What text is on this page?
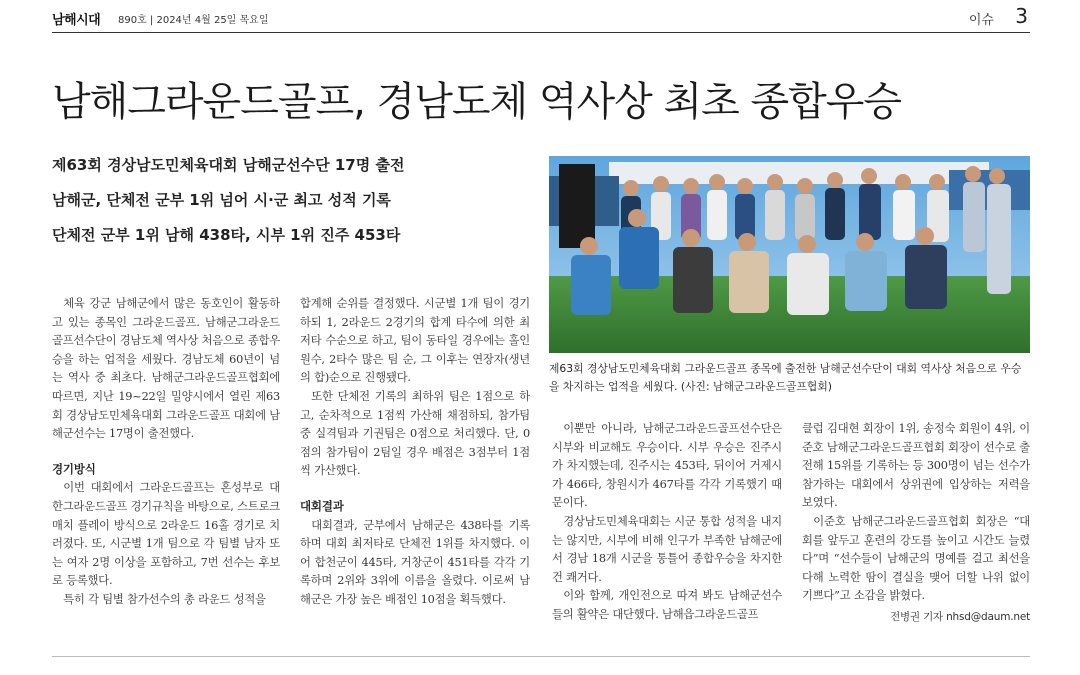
남해시대 890호 | 2024년 4월 25일 목요일	이슈 3
남해그라운드골프, 경남도체 역사상 최초 종합우승
제63회 경상남도민체육대회 남해군선수단 17명 출전
남해군, 단체전 군부 1위 넘어 시·군 최고 성적 기록
단체전 군부 1위 남해 438타, 시부 1위 진주 453타

체육 강군 남해군에서 많은 동호인이 활동하고 있는 종목인 그라운드골프. 남해군그라운드골프선수단이 경남도체 역사상 처음으로 종합우승을 하는 업적을 세웠다. 경남도체 60년이 넘는 역사 중 최초다. 남해군그라운드골프협회에 따르면, 지난 19~22일 밀양시에서 열린 제63회 경상남도민체육대회 그라운드골프 대회에 남해군선수는 17명이 출전했다.

경기방식

이번 대회에서 그라운드골프는 혼성부로 대한그라운드골프 경기규칙을 바탕으로, 스트로크 매치 플레이 방식으로 2라운드 16홀 경기로 치러졌다. 또, 시군별 1개 팀으로 각 팀별 남자 또는 여자 2명 이상을 포함하고, 7번 선수는 후보로 등록했다.

특히 각 팀별 참가선수의 총 라운드 성적을

합계해 순위를 결정했다. 시군별 1개 팀이 경기하되 1, 2라운드 2경기의 합계 타수에 의한 최저타 수순으로 하고, 팀이 동타일 경우에는 홀인원수, 2타수 많은 팀 순, 그 이후는 연장자(생년의 합)순으로 진행됐다.

또한 단체전 기록의 최하위 팀은 1점으로 하고, 순차적으로 1점씩 가산해 채점하되, 참가팀 중 실격팀과 기권팀은 0점으로 처리했다. 단, 0점의 참가팀이 2팀일 경우 배점은 3점부터 1점씩 가산했다.

대회결과

대회결과, 군부에서 남해군은 438타를 기록하며 대회 최저타로 단체전 1위를 차지했다. 이어 합천군이 445타, 거창군이 451타를 각각 기록하며 2위와 3위에 이름을 올렸다. 이로써 남해군은 가장 높은 배점인 10점을 획득했다.

제63회 경상남도민체육대회 그라운드골프 종목에 출전한 남해군선수단이 대회 역사상 처음으로 우승을 차지하는 업적을 세웠다. (사진: 남해군그라운드골프협회)

이뿐만 아니라, 남해군그라운드골프선수단은 시부와 비교해도 우승이다. 시부 우승은 진주시가 차지했는데, 진주시는 453타, 뒤이어 거제시가 466타, 창원시가 467타를 각각 기록했기 때문이다.

경상남도민체육대회는 시군 통합 성적을 내지는 않지만, 시부에 비해 인구가 부족한 남해군에서 경남 18개 시군을 통틀어 종합우승을 차지한 건 쾌거다.

이와 함께, 개인전으로 따져 봐도 남해군선수들의 활약은 대단했다. 남해읍그라운드골프

클럽 김대현 회장이 1위, 송정숙 회원이 4위, 이준호 남해군그라운드골프협회 회장이 선수로 출전해 15위를 기록하는 등 300명이 넘는 선수가 참가하는 대회에서 상위권에 입상하는 저력을 보였다.

이준호 남해군그라운드골프협회 회장은 “대회를 앞두고 훈련의 강도를 높이고 시간도 늘렸다”며 “선수들이 남해군의 명예를 걸고 최선을 다해 노력한 땀이 결실을 맺어 더할 나위 없이 기쁘다”고 소감을 밝혔다.

전병권 기자 nhsd@daum.net
